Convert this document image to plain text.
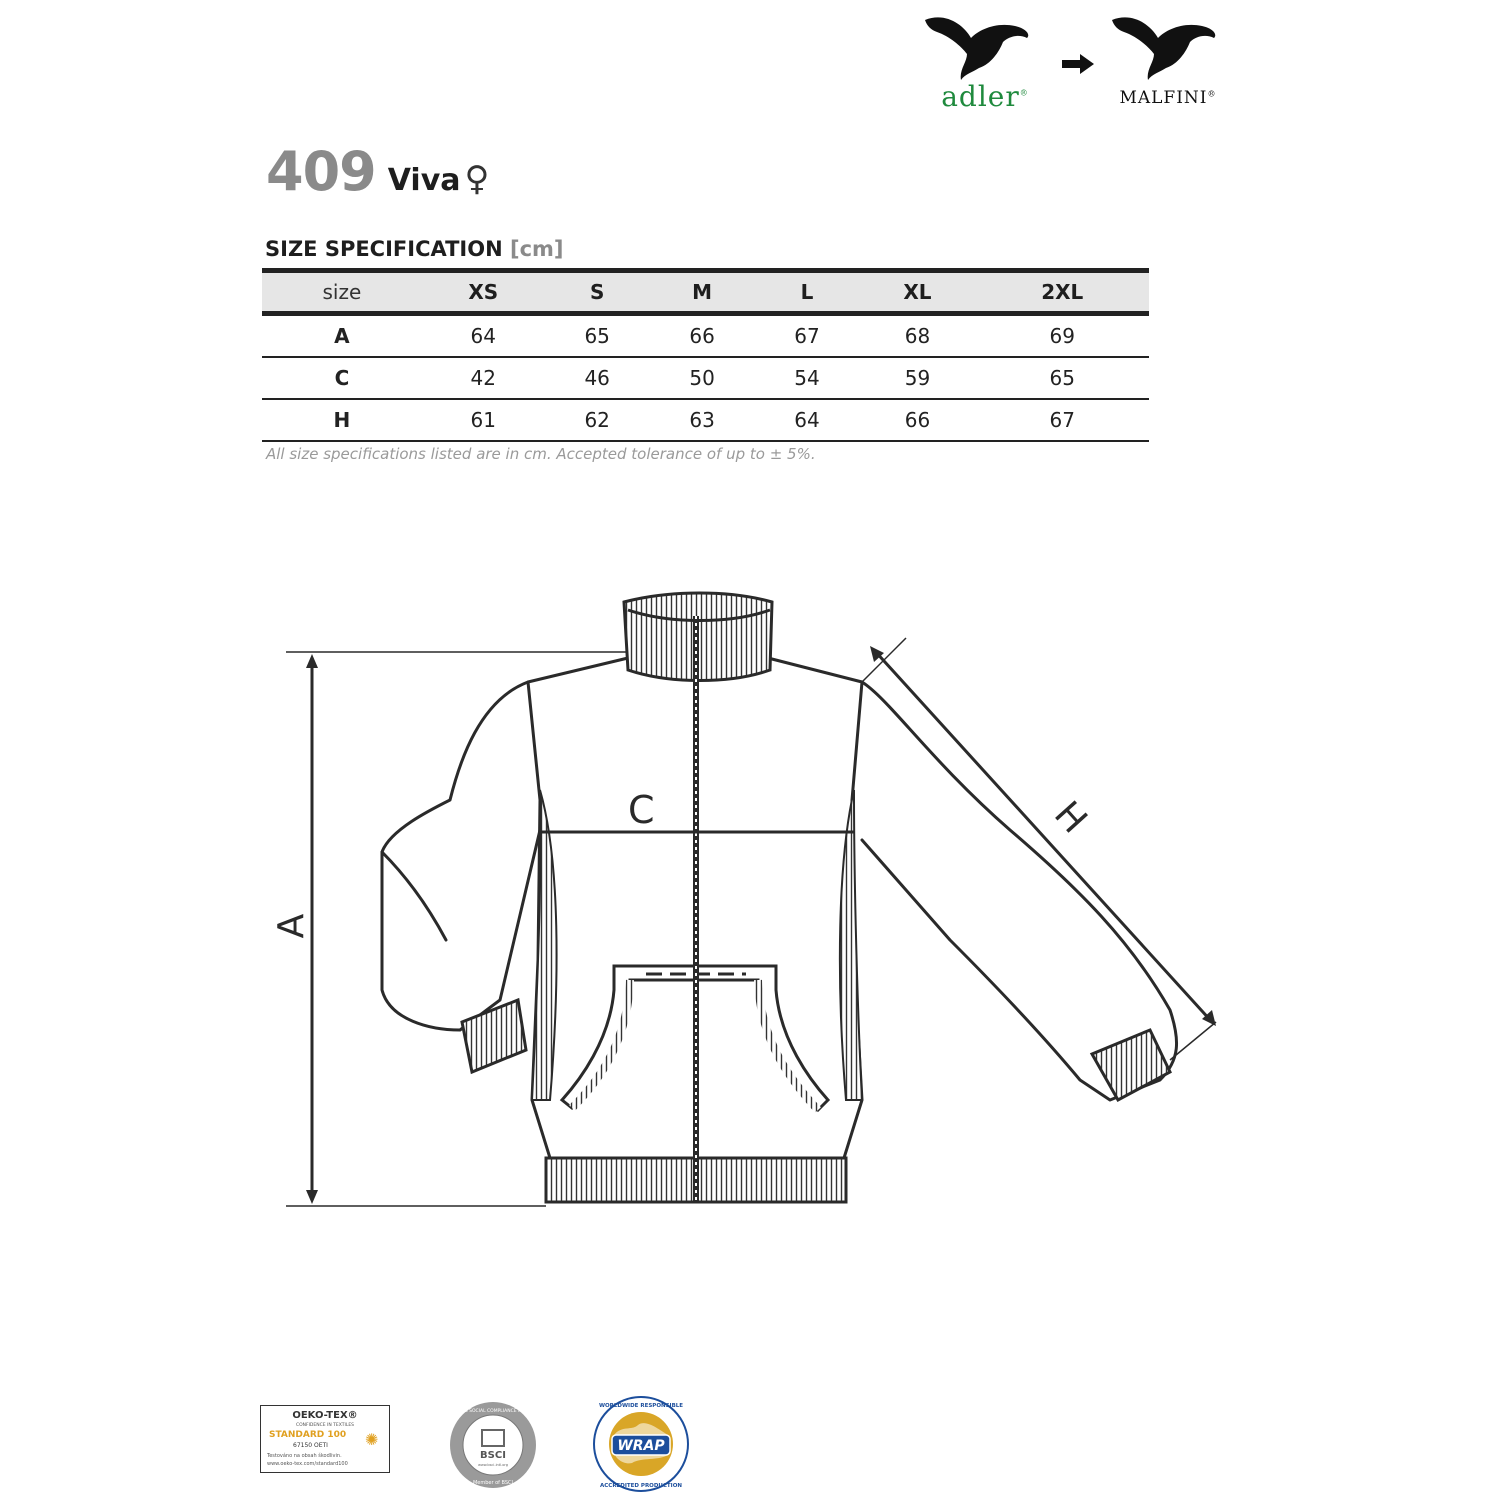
adler®	MALFINI®
409 Viva ♀
SIZE SPECIFICATION [cm]
size	XS	S	M	L	XL	2XL
A	64	65	66	67	68	69
C	42	46	50	54	59	65
H	61	62	63	64	66	67
All size specifications listed are in cm. Accepted tolerance of up to ± 5%.
A
C	H
OEKO-TEX®
CONFIDENCE IN TEXTILES
STANDARD 100
67150 OETI
Testováno na obsah škodlivin.
www.oeko-tex.com/standard100
✺
BSCI
www.bsci-intl.org
BUSINESS SOCIAL COMPLIANCE INITIATIVE
Member of BSCI
WRAP
WORLDWIDE RESPONSIBLE
ACCREDITED PRODUCTION
